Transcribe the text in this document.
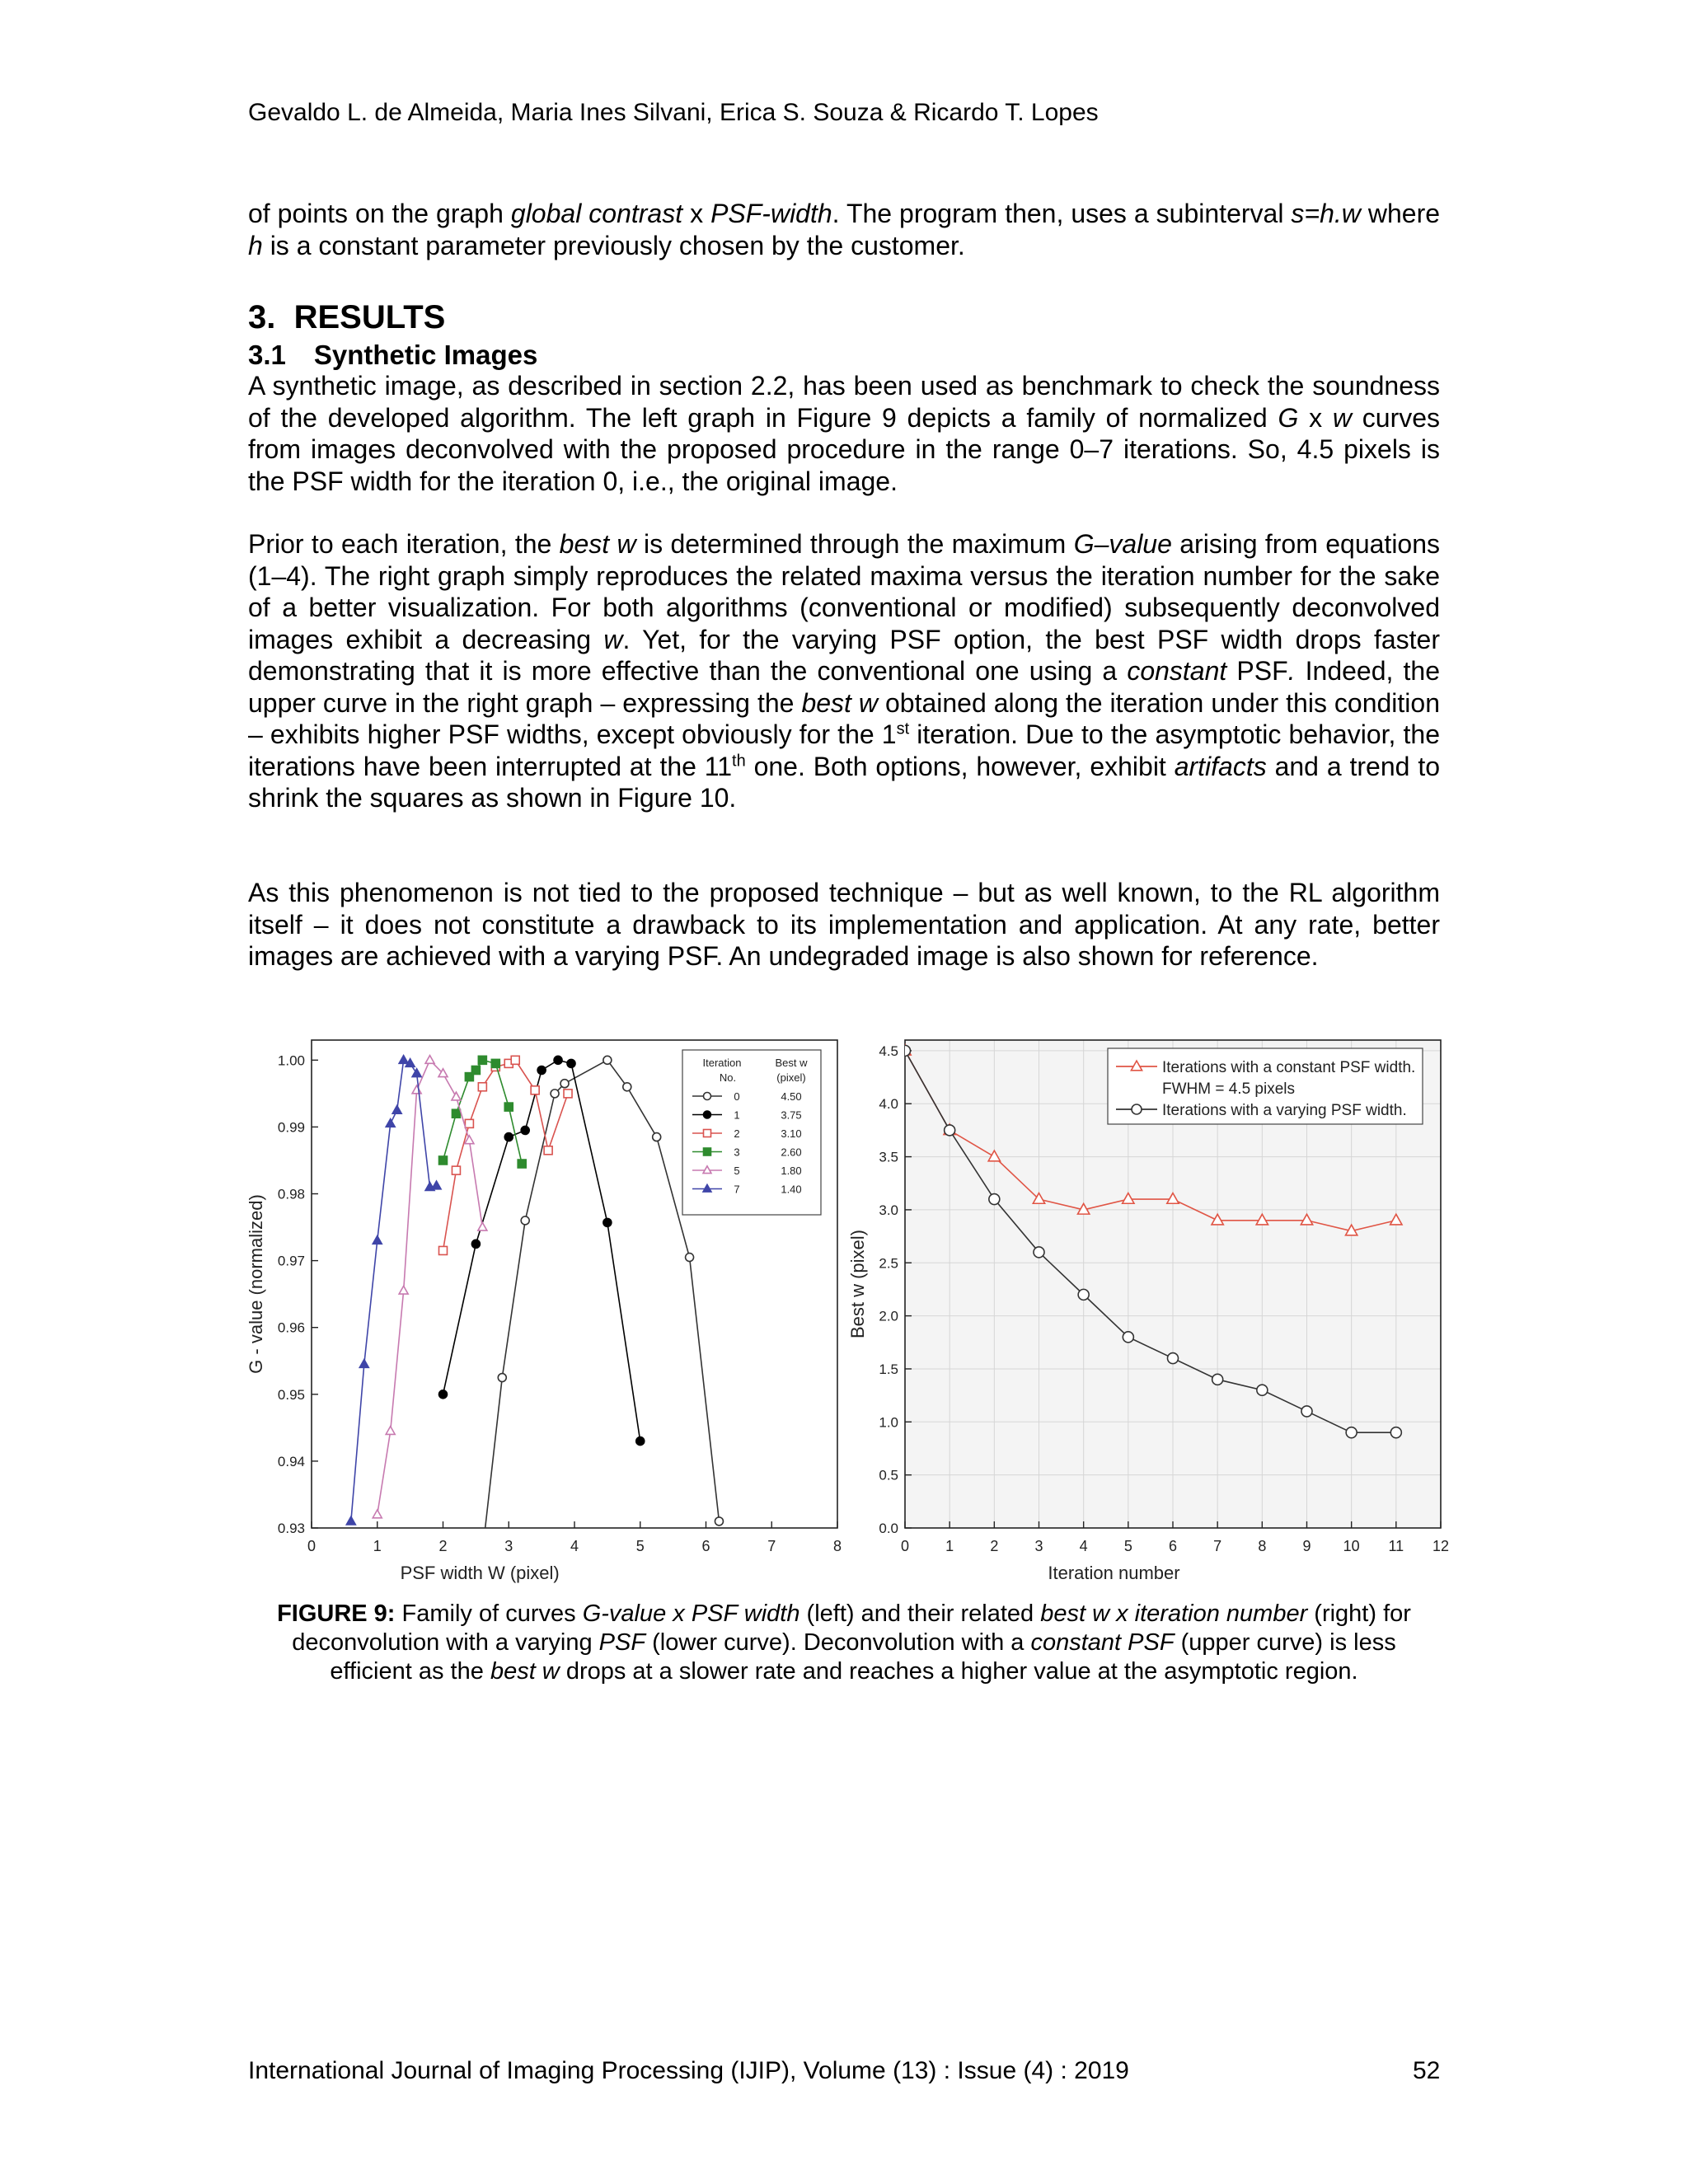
Gevaldo L. de Almeida, Maria Ines Silvani, Erica S. Souza & Ricardo T. Lopes
of points on the graph global contrast x PSF-width. The program then, uses a subinterval s=h.w where h is a constant parameter previously chosen by the customer.
3. RESULTS
3.1 Synthetic Images
A synthetic image, as described in section 2.2, has been used as benchmark to check the soundness of the developed algorithm. The left graph in Figure 9 depicts a family of normalized G x w curves from images deconvolved with the proposed procedure in the range 0–7 iterations. So, 4.5 pixels is the PSF width for the iteration 0, i.e., the original image.
Prior to each iteration, the best w is determined through the maximum G–value arising from equations (1–4). The right graph simply reproduces the related maxima versus the iteration number for the sake of a better visualization. For both algorithms (conventional or modified) subsequently deconvolved images exhibit a decreasing w. Yet, for the varying PSF option, the best PSF width drops faster demonstrating that it is more effective than the conventional one using a constant PSF. Indeed, the upper curve in the right graph – expressing the best w obtained along the iteration under this condition – exhibits higher PSF widths, except obviously for the 1st iteration. Due to the asymptotic behavior, the iterations have been interrupted at the 11th one. Both options, however, exhibit artifacts and a trend to shrink the squares as shown in Figure 10.
As this phenomenon is not tied to the proposed technique – but as well known, to the RL algorithm itself – it does not constitute a drawback to its implementation and application. At any rate, better images are achieved with a varying PSF. An undegraded image is also shown for reference.
0	1	2	3	4	5	6	7	8
0.93
0.94
0.95
0.96
0.97
0.98
0.99
1.00
PSF width W (pixel)
G - value (normalized)
Iteration
No.
Best w
(pixel)
0	4.50
1	3.75
2	3.10
3	2.60
5	1.80
7	1.40
0 1 2 3 4 5 6 7 8 9 10 11 12
0.0
0.5
1.0
1.5
2.0
2.5
3.0
3.5
4.0
4.5
Iteration number
Best w (pixel)
Iterations with a constant PSF width.
FWHM = 4.5 pixels
Iterations with a varying PSF width.
FIGURE 9: Family of curves G-value x PSF width (left) and their related best w x iteration number (right) for deconvolution with a varying PSF (lower curve). Deconvolution with a constant PSF (upper curve) is less efficient as the best w drops at a slower rate and reaches a higher value at the asymptotic region.
International Journal of Imaging Processing (IJIP), Volume (13) : Issue (4) : 2019	52
